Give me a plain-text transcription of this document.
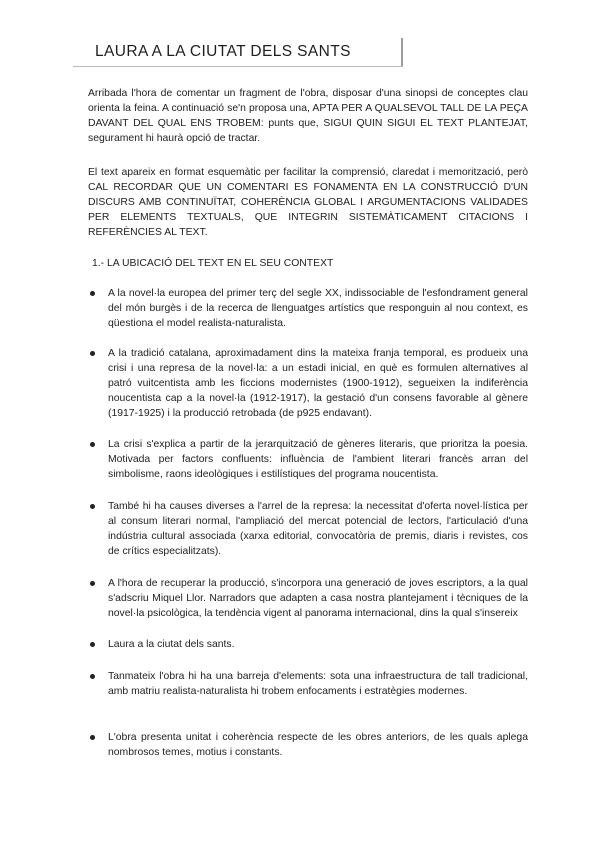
LAURA A LA CIUTAT DELS SANTS

Arribada l'hora de comentar un fragment de l'obra, disposar d'una sinopsi de conceptes clau orienta la feina. A continuació se'n proposa una, APTA PER A QUALSEVOL TALL DE LA PEÇA DAVANT DEL QUAL ENS TROBEM: punts que, SIGUI QUIN SIGUI EL TEXT PLANTEJAT, segurament hi haurà opció de tractar.

El text apareix en format esquemàtic per facilitar la comprensió, claredat i memorització, però CAL RECORDAR QUE UN COMENTARI ES FONAMENTA EN LA CONSTRUCCIÓ D'UN DISCURS AMB CONTINUÏTAT, COHERÈNCIA GLOBAL I ARGUMENTACIONS VALIDADES PER ELEMENTS TEXTUALS, QUE INTEGRIN SISTEMÀTICAMENT CITACIONS I REFERÈNCIES AL TEXT.

1.- LA UBICACIÓ DEL TEXT EN EL SEU CONTEXT
A la novel·la europea del primer terç del segle XX, indissociable de l'esfondrament general del món burgès i de la recerca de llenguatges artístics que responguin al nou context, es qüestiona el model realista-naturalista.
A la tradició catalana, aproximadament dins la mateixa franja temporal, es produeix una crisi i una represa de la novel·la: a un estadi inicial, en què es formulen alternatives al patró vuitcentista amb les ficcions modernistes (1900-1912), segueixen la indiferència noucentista cap a la novel·la (1912-1917), la gestació d'un consens favorable al gènere (1917-1925) i la producció retrobada (de p925 endavant).
La crisi s'explica a partir de la jerarquització de gèneres literaris, que prioritza la poesia. Motivada per factors confluents: influència de l'ambient literari francès arran del simbolisme, raons ideològiques i estilístiques del programa noucentista.
També hi ha causes diverses a l'arrel de la represa: la necessitat d'oferta novel·lística per al consum literari normal, l'ampliació del mercat potencial de lectors, l'articulació d'una indústria cultural associada (xarxa editorial, convocatòria de premis, diaris i revistes, cos de crítics especialitzats).
A l'hora de recuperar la producció, s'incorpora una generació de joves escriptors, a la qual s'adscriu Miquel Llor. Narradors que adapten a casa nostra plantejament i tècniques de la novel·la psicològica, la tendència vigent al panorama internacional, dins la qual s'insereix
Laura a la ciutat dels sants.
Tanmateix l'obra hi ha una barreja d'elements: sota una infraestructura de tall tradicional, amb matriu realista-naturalista hi trobem enfocaments i estratègies modernes.
L'obra presenta unitat i coherència respecte de les obres anteriors, de les quals aplega nombrosos temes, motius i constants.
